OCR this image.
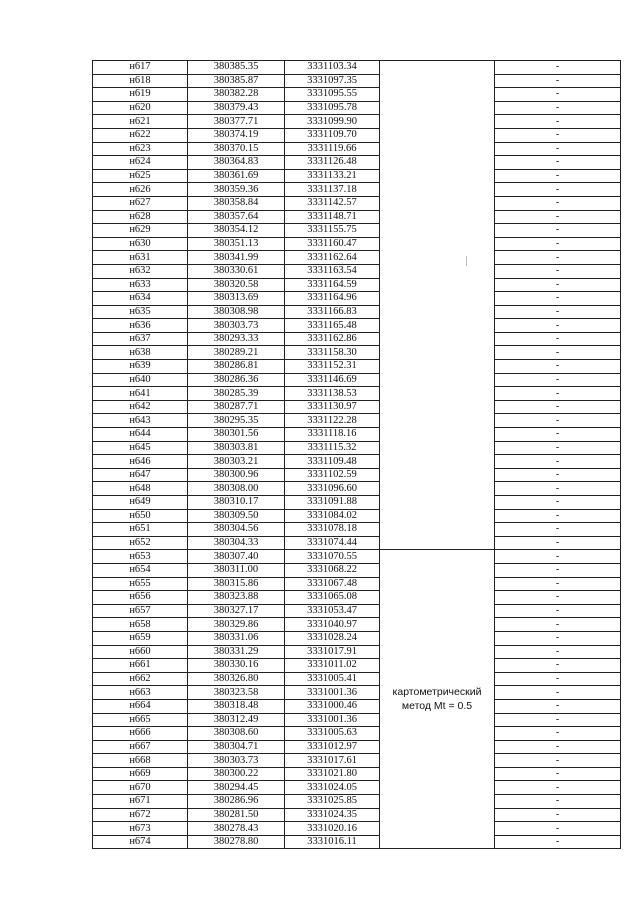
н617	380385.35	3331103.34		-
н618	380385.87	3331097.35		-
н619	380382.28	3331095.55		-
н620	380379.43	3331095.78		-
н621	380377.71	3331099.90		-
н622	380374.19	3331109.70		-
н623	380370.15	3331119.66		-
н624	380364.83	3331126.48		-
н625	380361.69	3331133.21		-
н626	380359.36	3331137.18		-
н627	380358.84	3331142.57		-
н628	380357.64	3331148.71		-
н629	380354.12	3331155.75		-
н630	380351.13	3331160.47		-
н631	380341.99	3331162.64		-
н632	380330.61	3331163.54		-
н633	380320.58	3331164.59		-
н634	380313.69	3331164.96		-
н635	380308.98	3331166.83		-
н636	380303.73	3331165.48		-
н637	380293.33	3331162.86		-
н638	380289.21	3331158.30		-
н639	380286.81	3331152.31		-
н640	380286.36	3331146.69		-
н641	380285.39	3331138.53		-
н642	380287.71	3331130.97		-
н643	380295.35	3331122.28		-
н644	380301.56	3331118.16		-
н645	380303.81	3331115.32		-
н646	380303.21	3331109.48		-
н647	380300.96	3331102.59		-
н648	380308.00	3331096.60		-
н649	380310.17	3331091.88		-
н650	380309.50	3331084.02		-
н651	380304.56	3331078.18		-
н652	380304.33	3331074.44		-
н653	380307.40	3331070.55	картометрический
метод Mt = 0.5	-
н654	380311.00	3331068.22		-
н655	380315.86	3331067.48		-
н656	380323.88	3331065.08		-
н657	380327.17	3331053.47		-
н658	380329.86	3331040.97		-
н659	380331.06	3331028.24		-
н660	380331.29	3331017.91		-
н661	380330.16	3331011.02		-
н662	380326.80	3331005.41		-
н663	380323.58	3331001.36		-
н664	380318.48	3331000.46		-
н665	380312.49	3331001.36		-
н666	380308.60	3331005.63		-
н667	380304.71	3331012.97		-
н668	380303.73	3331017.61		-
н669	380300.22	3331021.80		-
н670	380294.45	3331024.05		-
н671	380286.96	3331025.85		-
н672	380281.50	3331024.35		-
н673	380278.43	3331020.16		-
н674	380278.80	3331016.11		-
